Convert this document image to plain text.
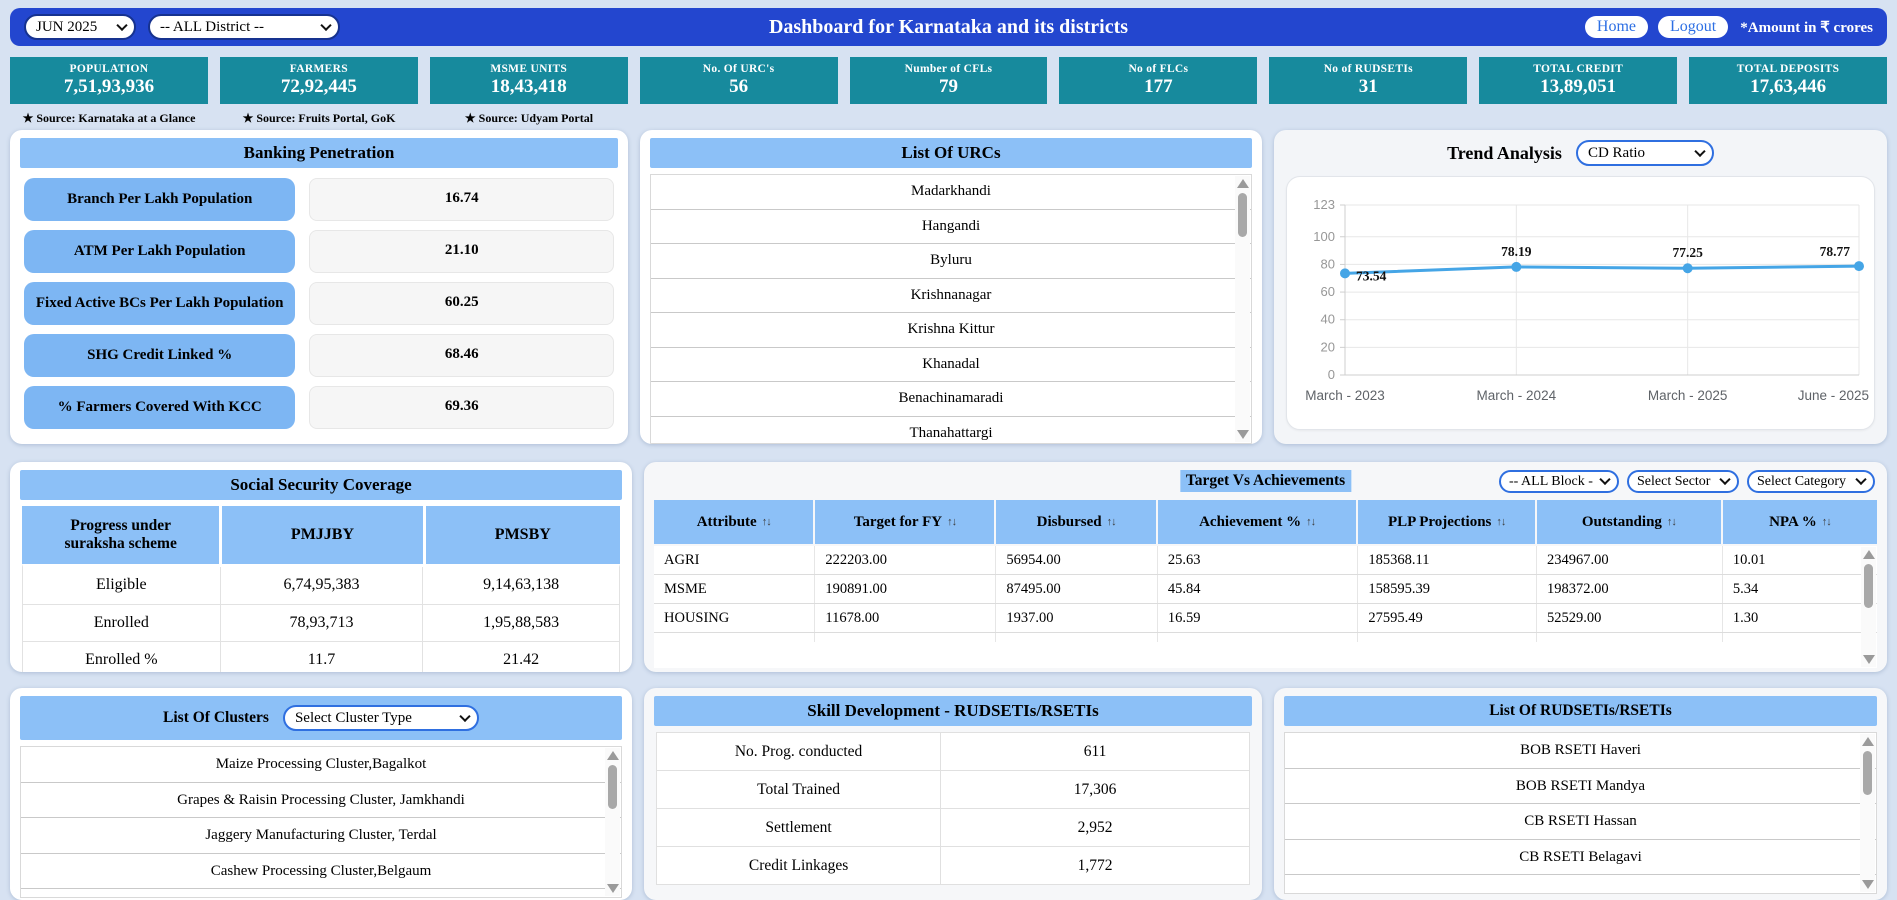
JUN 2025
-- ALL District --
Dashboard for Karnataka and its districts	Home	Logout	*Amount in ₹ crores
POPULATION
7,51,93,936
FARMERS
72,92,445
MSME UNITS
18,43,418
No. Of URC's
56
Number of CFLs
79
No of FLCs
177
No of RUDSETIs
31
TOTAL CREDIT
13,89,051
TOTAL DEPOSITS
17,63,446
★ Source: Karnataka at a Glance	★ Source: Fruits Portal, GoK	★ Source: Udyam Portal
Banking Penetration
Branch Per Lakh Population	16.74
ATM Per Lakh Population	21.10
Fixed Active BCs Per Lakh Population	60.25
SHG Credit Linked %	68.46
% Farmers Covered With KCC	69.36
List Of URCs
Madarkhandi
Hangandi
Byluru
Krishnanagar
Krishna Kittur
Khanadal
Benachinamaradi
Thanahattargi
Trend Analysis
CD Ratio
0
20
40
60
80
100
123
73.54
78.19	77.25	78.77
March - 2023	March - 2024	March - 2025	June - 2025
Social Security Coverage
Progress under suraksha scheme
PMJJBY	PMSBY
Eligible	6,74,95,383	9,14,63,138
Enrolled	78,93,713	1,95,88,583
Enrolled %	11.7	21.42
Target Vs Achievements
-- ALL Block --
Select Sector
Select Category
Attribute ↑↓	Target for FY ↑↓	Disbursed ↑↓	Achievement % ↑↓	PLP Projections ↑↓	Outstanding ↑↓	NPA % ↑↓
AGRI	222203.00	56954.00	25.63	185368.11	234967.00	10.01
MSME	190891.00	87495.00	45.84	158595.39	198372.00	5.34
HOUSING	11678.00	1937.00	16.59	27595.49	52529.00	1.30
List Of Clusters
Select Cluster Type
Maize Processing Cluster,Bagalkot
Grapes & Raisin Processing Cluster, Jamkhandi
Jaggery Manufacturing Cluster, Terdal
Cashew Processing Cluster,Belgaum
Skill Development - RUDSETIs/RSETIs
No. Prog. conducted	611
Total Trained	17,306
Settlement	2,952
Credit Linkages	1,772
List Of RUDSETIs/RSETIs
BOB RSETI Haveri
BOB RSETI Mandya
CB RSETI Hassan
CB RSETI Belagavi
